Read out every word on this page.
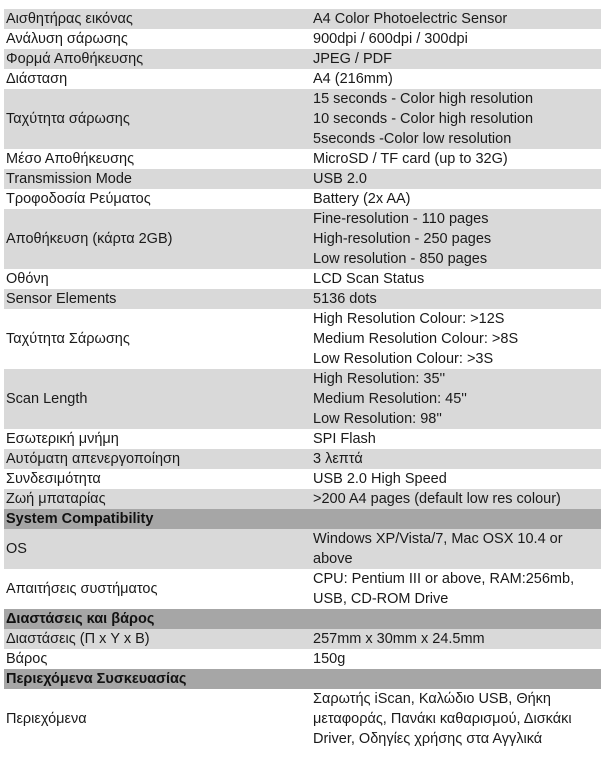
Αισθητήρας εικόνας	A4 Color Photoelectric Sensor

Ανάλυση σάρωσης	900dpi / 600dpi / 300dpi

Φορμά Αποθήκευσης	JPEG / PDF

Διάσταση	A4 (216mm)

Ταχύτητα σάρωσης	15 seconds - Color high resolution
10 seconds - Color high resolution
5seconds -Color low resolution

Μέσο Αποθήκευσης	MicroSD / TF card (up to 32G)

Transmission Mode	USB 2.0

Τροφοδοσία Ρεύματος	Battery (2x AA)

Αποθήκευση (κάρτα 2GB)	Fine-resolution - 110 pages
High-resolution - 250 pages
Low resolution - 850 pages

Οθόνη	LCD Scan Status

Sensor Elements	5136 dots

Ταχύτητα Σάρωσης	High Resolution Colour: >12S
Medium Resolution Colour: >8S
Low Resolution Colour: >3S

Scan Length	High Resolution: 35''
Medium Resolution: 45''
Low Resolution: 98''

Εσωτερική μνήμη	SPI Flash

Αυτόματη απενεργοποίηση	3 λεπτά

Συνδεσιμότητα	USB 2.0 High Speed

Ζωή μπαταρίας	>200 A4 pages (default low res colour)

System Compatibility	
OS	Windows XP/Vista/7, Mac OSX 10.4 or
above

Απαιτήσεις συστήματος	CPU: Pentium III or above, RAM:256mb,
USB, CD-ROM Drive

Διαστάσεις και βάρος	
Διαστάσεις (Π x Υ x Β)	257mm x 30mm x 24.5mm

Βάρος	150g

Περιεχόμενα Συσκευασίας	
Περιεχόμενα	Σαρωτής iScan, Καλώδιο USB, Θήκη
μεταφοράς, Πανάκι καθαρισμού, Δισκάκι
Driver, Οδηγίες χρήσης στα Αγγλικά
